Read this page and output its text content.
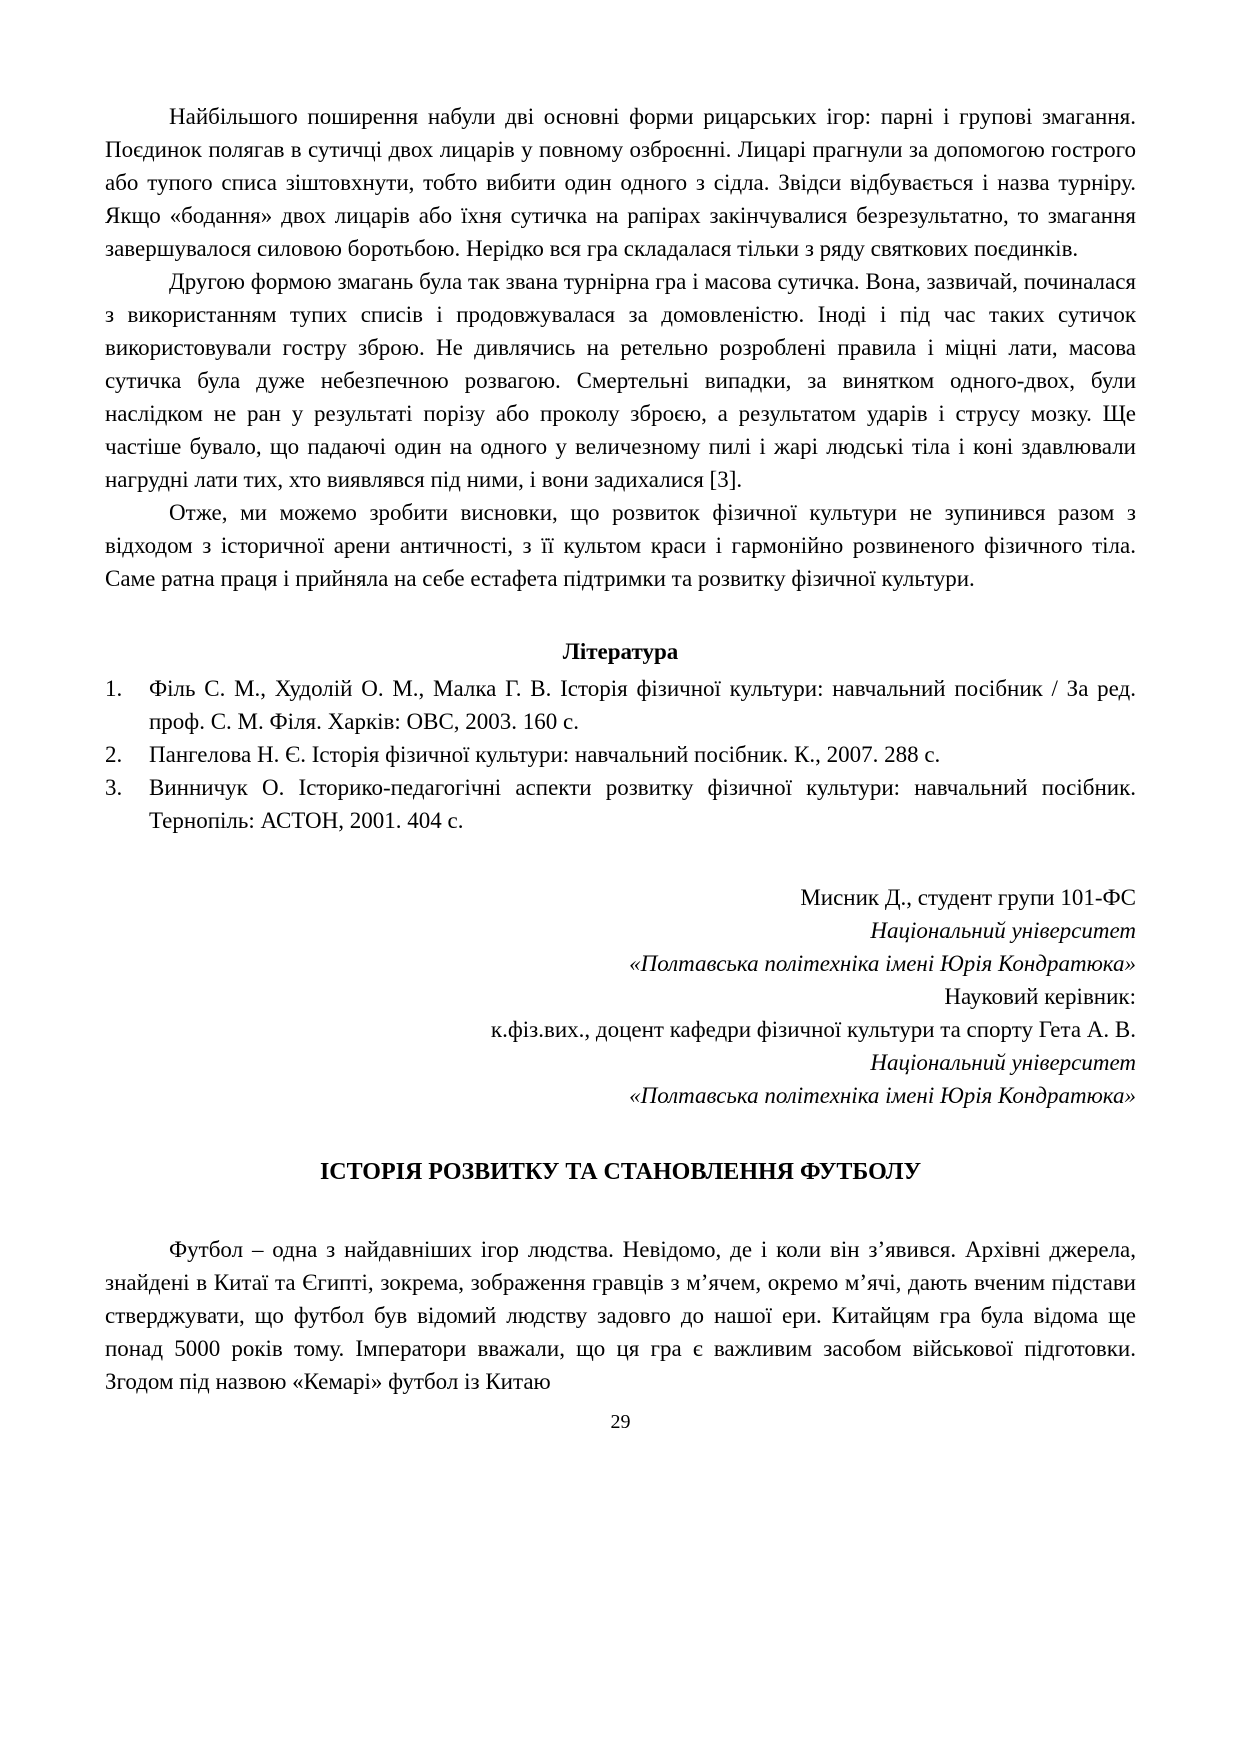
Найбільшого поширення набули дві основні форми рицарських ігор: парні і групові змагання. Поєдинок полягав в сутичці двох лицарів у повному озброєнні. Лицарі прагнули за допомогою гострого або тупого списа зіштовхнути, тобто вибити один одного з сідла. Звідси відбувається і назва турніру. Якщо «бодання» двох лицарів або їхня сутичка на рапірах закінчувалися безрезультатно, то змагання завершувалося силовою боротьбою. Нерідко вся гра складалася тільки з ряду святкових поєдинків.

Другою формою змагань була так звана турнірна гра і масова сутичка. Вона, зазвичай, починалася з використанням тупих списів і продовжувалася за домовленістю. Іноді і під час таких сутичок використовували гостру зброю. Не дивлячись на ретельно розроблені правила і міцні лати, масова сутичка була дуже небезпечною розвагою. Смертельні випадки, за винятком одного-двох, були наслідком не ран у результаті порізу або проколу зброєю, а результатом ударів і струсу мозку. Ще частіше бувало, що падаючі один на одного у величезному пилі і жарі людські тіла і коні здавлювали нагрудні лати тих, хто виявлявся під ними, і вони задихалися [3].

Отже, ми можемо зробити висновки, що розвиток фізичної культури не зупинився разом з відходом з історичної арени античності, з її культом краси і гармонійно розвиненого фізичного тіла. Саме ратна праця і прийняла на себе естафета підтримки та розвитку фізичної культури.

Література
1.	Філь С. М., Худолій О. М., Малка Г. В. Історія фізичної культури: навчальний посібник / За ред. проф. С. М. Філя. Харків: ОВС, 2003. 160 с.
2.	Пангелова Н. Є. Історія фізичної культури: навчальний посібник. К., 2007. 288 с.
3.	Винничук О. Історико-педагогічні аспекти розвитку фізичної культури: навчальний посібник. Тернопіль: АСТОН, 2001. 404 с.
Мисник Д., студент групи 101-ФС
Національний університет
«Полтавська політехніка імені Юрія Кондратюка»
Науковий керівник:
к.фіз.вих., доцент кафедри фізичної культури та спорту Гета А. В.
Національний університет
«Полтавська політехніка імені Юрія Кондратюка»
ІСТОРІЯ РОЗВИТКУ ТА СТАНОВЛЕННЯ ФУТБОЛУ

Футбол – одна з найдавніших ігор людства. Невідомо, де і коли він з’явився. Архівні джерела, знайдені в Китаї та Єгипті, зокрема, зображення гравців з м’ячем, окремо м’ячі, дають вченим підстави стверджувати, що футбол був відомий людству задовго до нашої ери. Китайцям гра була відома ще понад 5000 років тому. Імператори вважали, що ця гра є важливим засобом військової підготовки. Згодом під назвою «Кемарі» футбол із Китаю

29
